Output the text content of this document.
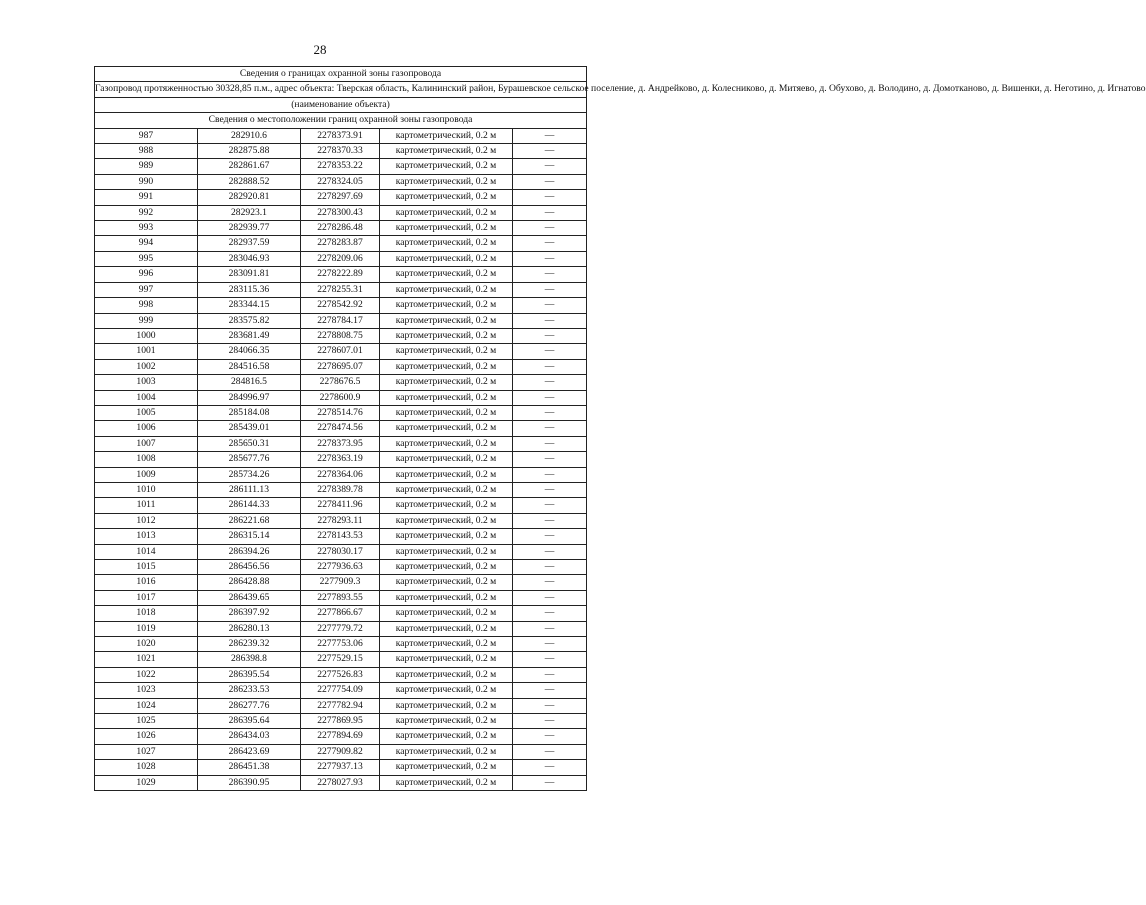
28
Сведения о границах охранной зоны газопровода				
Газопровод протяженностью 30328,85 п.м., адрес объекта: Тверская область, Калининский район, Бурашевское сельское поселение, д. Андрейково, д. Колесниково, д. Митяево, д. Обухово, д. Володино, д. Домотканово, д. Вишенки, д. Неготино, д. Игнатово				
(наименование объекта)				
Сведения о местоположении границ охранной зоны газопровода				
987	282910.6	2278373.91	картометрический, 0.2 м	—
988	282875.88	2278370.33	картометрический, 0.2 м	—
989	282861.67	2278353.22	картометрический, 0.2 м	—
990	282888.52	2278324.05	картометрический, 0.2 м	—
991	282920.81	2278297.69	картометрический, 0.2 м	—
992	282923.1	2278300.43	картометрический, 0.2 м	—
993	282939.77	2278286.48	картометрический, 0.2 м	—
994	282937.59	2278283.87	картометрический, 0.2 м	—
995	283046.93	2278209.06	картометрический, 0.2 м	—
996	283091.81	2278222.89	картометрический, 0.2 м	—
997	283115.36	2278255.31	картометрический, 0.2 м	—
998	283344.15	2278542.92	картометрический, 0.2 м	—
999	283575.82	2278784.17	картометрический, 0.2 м	—
1000	283681.49	2278808.75	картометрический, 0.2 м	—
1001	284066.35	2278607.01	картометрический, 0.2 м	—
1002	284516.58	2278695.07	картометрический, 0.2 м	—
1003	284816.5	2278676.5	картометрический, 0.2 м	—
1004	284996.97	2278600.9	картометрический, 0.2 м	—
1005	285184.08	2278514.76	картометрический, 0.2 м	—
1006	285439.01	2278474.56	картометрический, 0.2 м	—
1007	285650.31	2278373.95	картометрический, 0.2 м	—
1008	285677.76	2278363.19	картометрический, 0.2 м	—
1009	285734.26	2278364.06	картометрический, 0.2 м	—
1010	286111.13	2278389.78	картометрический, 0.2 м	—
1011	286144.33	2278411.96	картометрический, 0.2 м	—
1012	286221.68	2278293.11	картометрический, 0.2 м	—
1013	286315.14	2278143.53	картометрический, 0.2 м	—
1014	286394.26	2278030.17	картометрический, 0.2 м	—
1015	286456.56	2277936.63	картометрический, 0.2 м	—
1016	286428.88	2277909.3	картометрический, 0.2 м	—
1017	286439.65	2277893.55	картометрический, 0.2 м	—
1018	286397.92	2277866.67	картометрический, 0.2 м	—
1019	286280.13	2277779.72	картометрический, 0.2 м	—
1020	286239.32	2277753.06	картометрический, 0.2 м	—
1021	286398.8	2277529.15	картометрический, 0.2 м	—
1022	286395.54	2277526.83	картометрический, 0.2 м	—
1023	286233.53	2277754.09	картометрический, 0.2 м	—
1024	286277.76	2277782.94	картометрический, 0.2 м	—
1025	286395.64	2277869.95	картометрический, 0.2 м	—
1026	286434.03	2277894.69	картометрический, 0.2 м	—
1027	286423.69	2277909.82	картометрический, 0.2 м	—
1028	286451.38	2277937.13	картометрический, 0.2 м	—
1029	286390.95	2278027.93	картометрический, 0.2 м	—
